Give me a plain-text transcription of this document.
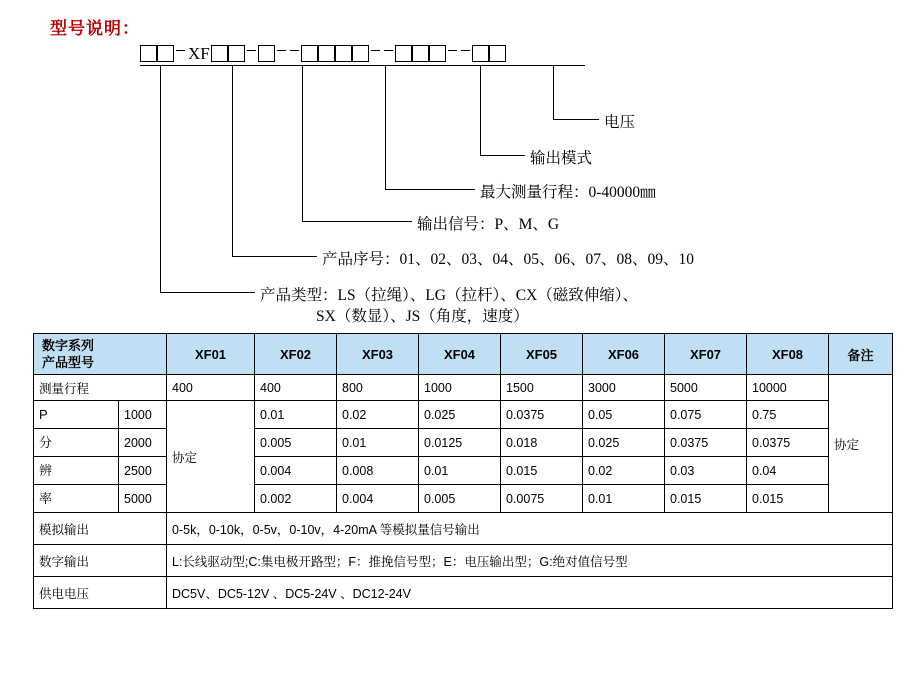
型号说明：
XF
电压
输出模式
最大测量行程：0-40000㎜
输出信号：P、M、G
产品序号：01、02、03、04、05、06、07、08、09、10
产品类型：LS（拉绳）、LG（拉杆）、CX（磁致伸缩）、
SX（数显）、JS（角度，速度）
数字系列
产品型号		XF01	XF02	XF03	XF04	XF05	XF06	XF07	XF08	备注
测量行程		400	400	800	1000	1500	3000	5000	10000	协定
P	1000	协定	0.01	0.02	0.025	0.0375	0.05	0.075	0.75	
分	2000		0.005	0.01	0.0125	0.018	0.025	0.0375	0.0375	
辨	2500		0.004	0.008	0.01	0.015	0.02	0.03	0.04	
率	5000		0.002	0.004	0.005	0.0075	0.01	0.015	0.015	
模拟输出		0-5k，0-10k，0-5v，0-10v，4-20mA 等模拟量信号输出								
数字输出		L:长线驱动型;C:集电极开路型；F：推挽信号型；E：电压输出型；G:绝对值信号型								
供电电压		DC5V、DC5-12V 、DC5-24V 、DC12-24V								
